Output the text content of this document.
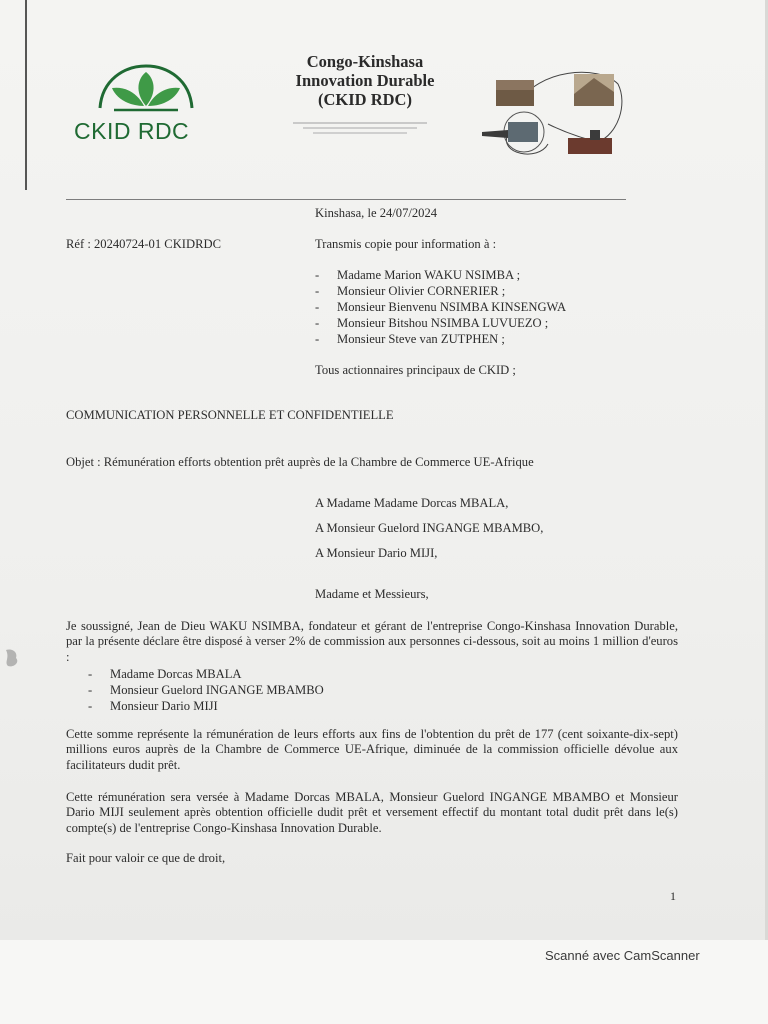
CKID RDC
Congo-Kinshasa
Innovation Durable
(CKID RDC)
Kinshasa, le 24/07/2024
Réf : 20240724-01 CKIDRDC	Transmis copie pour information à :
- Madame Marion WAKU NSIMBA ;
- Monsieur Olivier CORNERIER ;
- Monsieur Bienvenu NSIMBA KINSENGWA
- Monsieur Bitshou NSIMBA LUVUEZO ;
- Monsieur Steve van ZUTPHEN ;
Tous actionnaires principaux de CKID ;
COMMUNICATION PERSONNELLE ET CONFIDENTIELLE
Objet : Rémunération efforts obtention prêt auprès de la Chambre de Commerce UE-Afrique
A Madame Madame Dorcas MBALA,
A Monsieur Guelord INGANGE MBAMBO,
A Monsieur Dario MIJI,
Madame et Messieurs,
Je soussigné, Jean de Dieu WAKU NSIMBA, fondateur et gérant de l'entreprise Congo-Kinshasa Innovation Durable, par la présente déclare être disposé à verser 2% de commission aux personnes ci-dessous, soit au moins 1 million d'euros :
- Madame Dorcas MBALA
- Monsieur Guelord INGANGE MBAMBO
- Monsieur Dario MIJI
Cette somme représente la rémunération de leurs efforts aux fins de l'obtention du prêt de 177 (cent soixante-dix-sept) millions euros auprès de la Chambre de Commerce UE-Afrique, diminuée de la commission officielle dévolue aux facilitateurs dudit prêt.
Cette rémunération sera versée à Madame Dorcas MBALA, Monsieur Guelord INGANGE MBAMBO et Monsieur Dario MIJI seulement après obtention officielle dudit prêt et versement effectif du montant total dudit prêt dans le(s) compte(s) de l'entreprise Congo-Kinshasa Innovation Durable.
Fait pour valoir ce que de droit,
1
Scanné avec CamScanner
